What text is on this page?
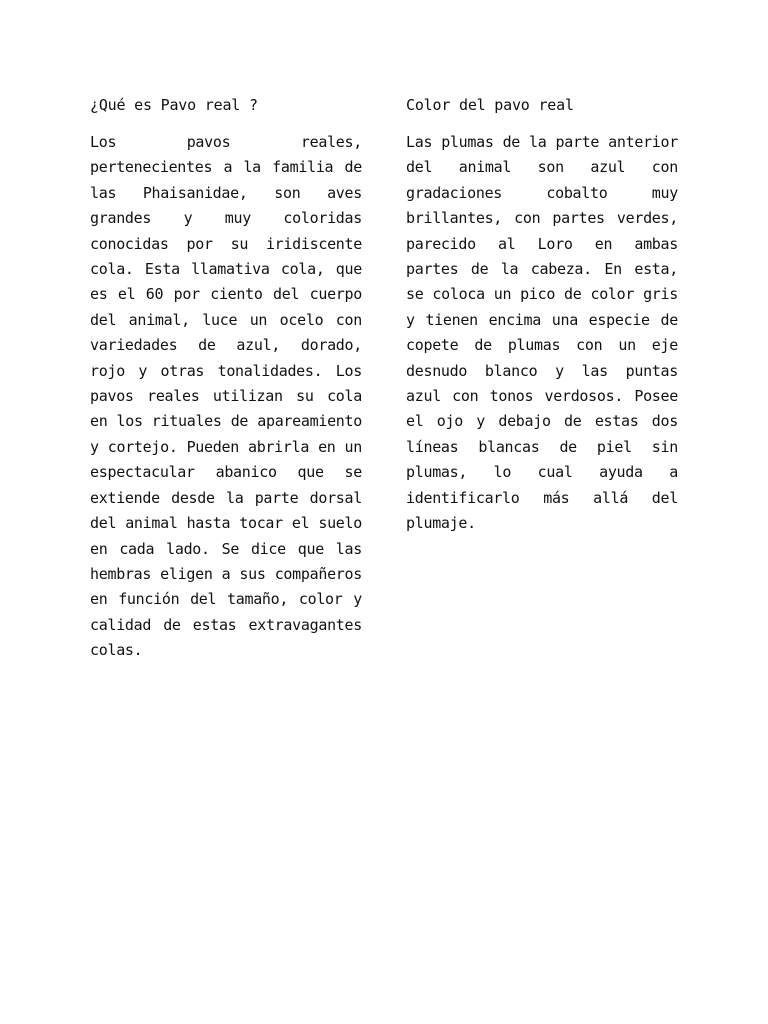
¿Qué es Pavo real ?

Los pavos reales, pertenecientes a la familia de las Phaisanidae, son aves grandes y muy coloridas conocidas por su iridiscente cola. Esta llamativa cola, que es el 60 por ciento del cuerpo del animal, luce un ocelo con variedades de azul, dorado, rojo y otras tonalidades. Los pavos reales utilizan su cola en los rituales de apareamiento y cortejo. Pueden abrirla en un espectacular abanico que se extiende desde la parte dorsal del animal hasta tocar el suelo en cada lado. Se dice que las hembras eligen a sus compañeros en función del tamaño, color y calidad de estas extravagantes colas.

Color del pavo real

Las plumas de la parte anterior del animal son azul con gradaciones cobalto muy brillantes, con partes verdes, parecido al Loro en ambas partes de la cabeza. En esta, se coloca un pico de color gris y tienen encima una especie de copete de plumas con un eje desnudo blanco y las puntas azul con tonos verdosos. Posee el ojo y debajo de estas dos líneas blancas de piel sin plumas, lo cual ayuda a identificarlo más allá del plumaje.
